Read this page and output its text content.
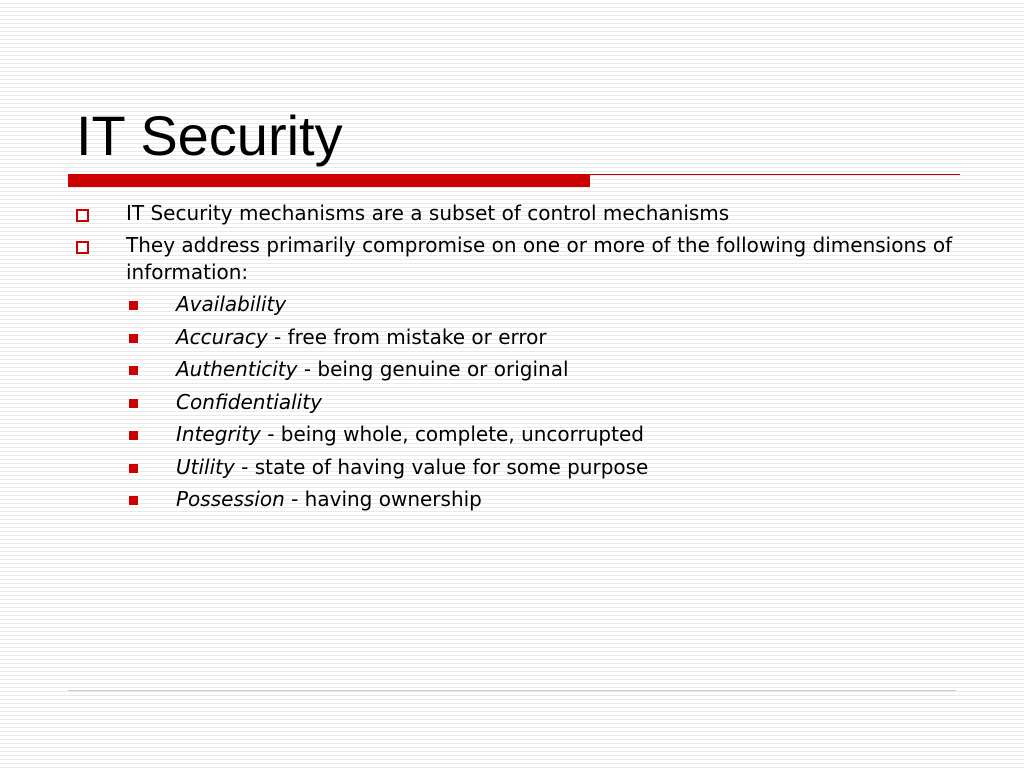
IT Security
IT Security mechanisms are a subset of control mechanisms
They address primarily compromise on one or more of the following dimensions of information:
Availability
Accuracy - free from mistake or error
Authenticity - being genuine or original
Confidentiality
Integrity - being whole, complete, uncorrupted
Utility - state of having value for some purpose
Possession - having ownership
